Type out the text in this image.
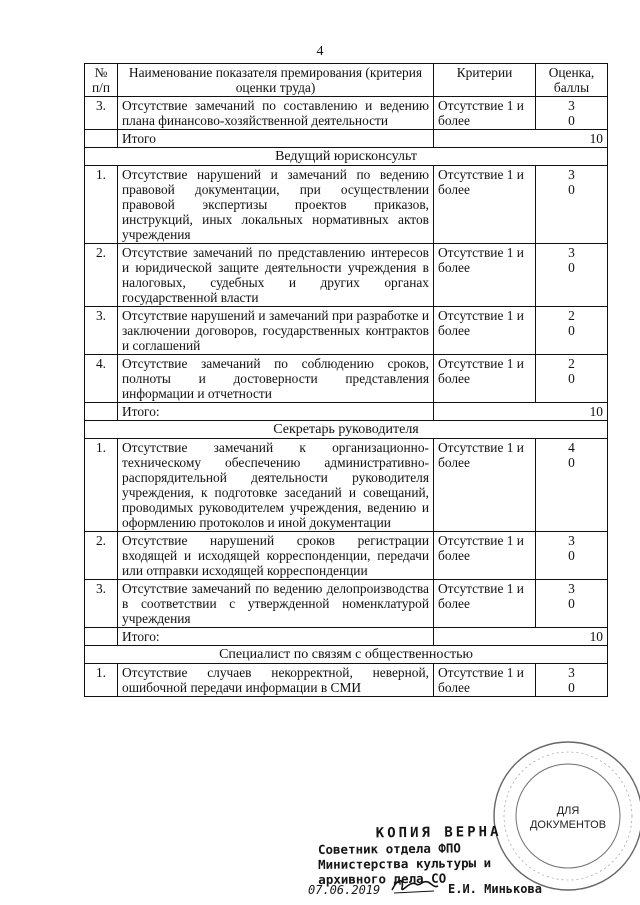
4
№ п/п	Наименование показателя премирования (критерия оценки труда)	Критерии	Оценка, баллы
3.	Отсутствие замечаний по составлению и ведению плана финансово-хозяйственной деятельности	Отсутствие 1 и более	3
0

	Итого	10	
Ведущий юрисконсульт			
1.	Отсутствие нарушений и замечаний по ведению правовой документации, при осуществлении правовой экспертизы проектов приказов, инструкций, иных локальных нормативных актов учреждения	Отсутствие 1 и более	3
0

2.	Отсутствие замечаний по представлению интересов и юридической защите деятельности учреждения в налоговых, судебных и других органах государственной власти	Отсутствие 1 и более	3
0

3.	Отсутствие нарушений и замечаний при разработке и заключении договоров, государственных контрактов и соглашений	Отсутствие 1 и более	2
0

4.	Отсутствие замечаний по соблюдению сроков, полноты и достоверности представления информации и отчетности	Отсутствие 1 и более	2
0

	Итого:	10	
Секретарь руководителя			
1.	Отсутствие замечаний к организационно-техническому обеспечению административно-распорядительной деятельности руководителя учреждения, к подготовке заседаний и совещаний, проводимых руководителем учреждения, ведению и оформлению протоколов и иной документации	Отсутствие 1 и более	4
0

2.	Отсутствие нарушений сроков регистрации входящей и исходящей корреспонденции, передачи или отправки исходящей корреспонденции	Отсутствие 1 и более	3
0

3.	Отсутствие замечаний по ведению делопроизводства в соответствии с утвержденной номенклатурой учреждения	Отсутствие 1 и более	3
0

	Итого:	10	
Специалист по связям с общественностью			
1.	Отсутствие случаев некорректной, неверной, ошибочной передачи информации в СМИ	Отсутствие 1 и более	3
0
ДЛЯ
ДОКУМЕНТОВ
КОПИЯ ВЕРНА
Советник отдела ФПО
Министерства культуры и
архивного дела СО
07.06.2019	Е.И. Минькова
